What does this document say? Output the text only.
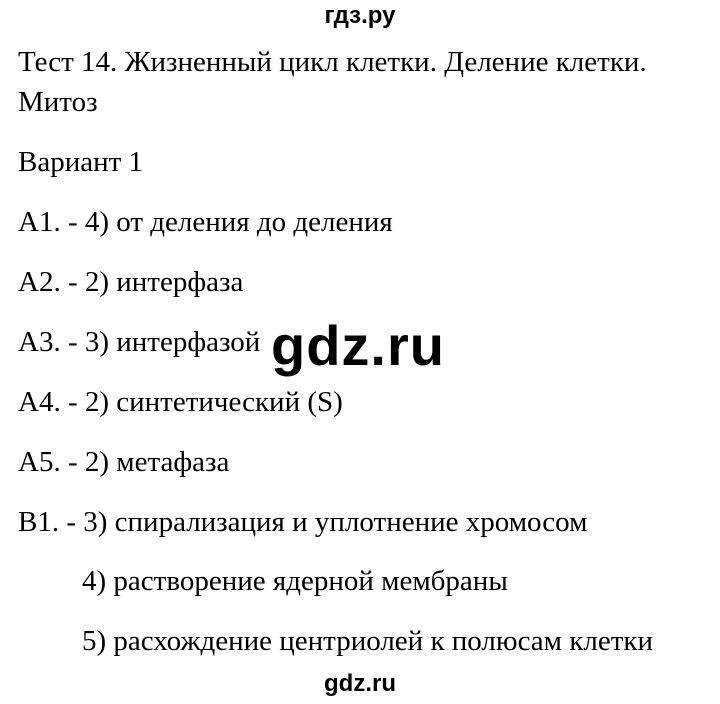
гдз.ру
Тест 14. Жизненный цикл клетки. Деление клетки.
Митоз
Вариант 1
А1. - 4) от деления до деления
А2. - 2) интерфаза
А3. - 3) интерфазой
А4. - 2) синтетический (S)
А5. - 2) метафаза
В1. - 3) спирализация и уплотнение хромосом
4) растворение ядерной мембраны
5) расхождение центриолей к полюсам клетки
gdz.ru
gdz.ru
